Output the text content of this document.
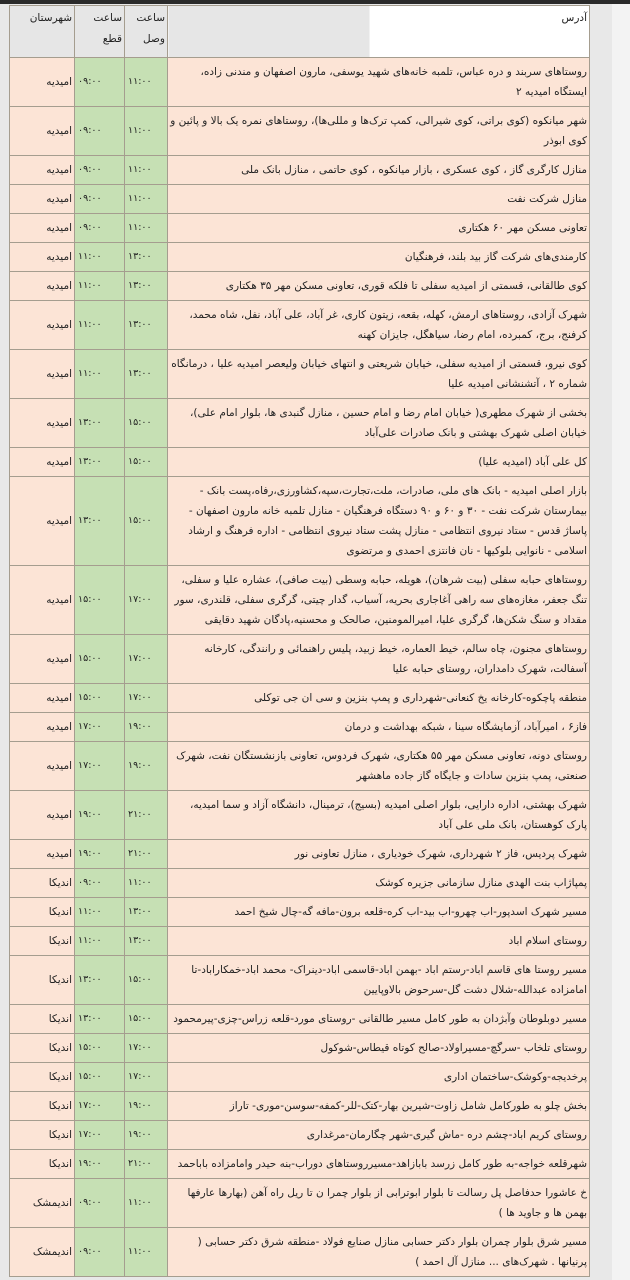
آدرس	ساعت وصل	ساعت قطع	شهرستان
روستاهای سربند و دره عباس، تلمبه خانه‌های شهید یوسفی، مارون اصفهان و مندنی زاده، ایستگاه امیدیه ۲	۱۱:۰۰	۰۹:۰۰	امیدیه
شهر میانکوه (کوی براتی، کوی شیرالی، کمپ ترک‌ها و مللی‌ها)، روستاهای نمره یک بالا و پائین و کوی ابوذر	۱۱:۰۰	۰۹:۰۰	امیدیه
منازل کارگری گاز ، کوی عسکری ، بازار میانکوه ، کوی حاتمی ، منازل بانک ملی	۱۱:۰۰	۰۹:۰۰	امیدیه
منازل شرکت نفت	۱۱:۰۰	۰۹:۰۰	امیدیه
تعاونی مسکن مهر ۶۰ هکتاری	۱۱:۰۰	۰۹:۰۰	امیدیه
کارمندی‌های شرکت گاز بید بلند، فرهنگیان	۱۳:۰۰	۱۱:۰۰	امیدیه
کوی طالقانی، قسمتی از امیدیه سفلی تا فلکه قوری، تعاونی مسکن مهر ۳۵ هکتاری	۱۳:۰۰	۱۱:۰۰	امیدیه
شهرک آزادی، روستاهای ارمش، کهله، بقعه، زیتون کاری، غر آباد، علی آباد، نفل، شاه محمد، کرفنج، برج، کمبرده، امام رضا، سیاهگل، جایزان کهنه	۱۳:۰۰	۱۱:۰۰	امیدیه
کوی نیرو، قسمتی از امیدیه سفلی، خیابان شریعتی و انتهای خیابان ولیعصر امیدیه علیا ، درمانگاه شماره ۲ ، آتشنشانی امیدیه علیا	۱۳:۰۰	۱۱:۰۰	امیدیه
بخشی از شهرک مطهری( خیابان امام رضا و امام حسین ، منازل گنبدی ها، بلوار امام علی)، خیابان اصلی شهرک بهشتی و بانک صادرات علی‌آباد	۱۵:۰۰	۱۳:۰۰	امیدیه
کل علی آباد (امیدیه علیا)	۱۵:۰۰	۱۳:۰۰	امیدیه
بازار اصلی امیدیه - بانک های ملی، صادرات، ملت،تجارت،سپه،کشاورزی،رفاه،پست بانک - بیمارستان شرکت نفت - ۳۰ و ۶۰ و ۹۰ دستگاه فرهنگیان - منازل تلمبه خانه مارون اصفهان - پاساژ قدس - ستاد نیروی انتظامی - منازل پشت ستاد نیروی انتظامی - اداره فرهنگ و ارشاد اسلامی - نانوایی بلوکیها - نان فانتزی احمدی و مرتضوی	۱۵:۰۰	۱۳:۰۰	امیدیه
روستاهای حبابه سفلی (بیت شرهان)، هویله، حبابه وسطی (بیت صافی)، عشاره علیا و سفلی، تنگ جعفر، مغازه‌های سه راهی آغاجاری بحریه، آسیاب، گدار چیتی، گرگری سفلی، قلندری، سور مقداد و سنگ شکن‌ها، گرگری علیا، امیرالمومنین، صالحک و محسنیه،پادگان شهید دقایقی	۱۷:۰۰	۱۵:۰۰	امیدیه
روستاهای مجنون، چاه سالم، خیط العماره، خیط زبید، پلیس راهنمائی و رانندگی، کارخانه آسفالت، شهرک دامداران، روستای حبابه علیا	۱۷:۰۰	۱۵:۰۰	امیدیه
منطقه پاچکوه-کارخانه یخ کنعانی-شهرداری و پمپ بنزین و سی ان جی توکلی	۱۷:۰۰	۱۵:۰۰	امیدیه
فاز۶ ، امیرآباد، آزمایشگاه سینا ، شبکه بهداشت و درمان	۱۹:۰۰	۱۷:۰۰	امیدیه
روستای دونه، تعاونی مسکن مهر ۵۵ هکتاری، شهرک فردوس، تعاونی بازنشستگان نفت، شهرک صنعتی، پمپ بنزین سادات و جایگاه گاز جاده ماهشهر	۱۹:۰۰	۱۷:۰۰	امیدیه
شهرک بهشتی، اداره دارایی، بلوار اصلی امیدیه (بسیج)، ترمینال، دانشگاه آزاد و سما امیدیه، پارک کوهستان، بانک ملی علی آباد	۲۱:۰۰	۱۹:۰۰	امیدیه
شهرک پردیس، فاز ۲ شهرداری، شهرک خودیاری ، منازل تعاونی نور	۲۱:۰۰	۱۹:۰۰	امیدیه
پمپاژاب بنت الهدی منازل سازمانی جزیره کوشک	۱۱:۰۰	۰۹:۰۰	اندیکا
مسیر شهرک اسدپور-اب چهرو-اب بید-اب کره-قلعه برون-مافه گه-چال شیخ احمد	۱۳:۰۰	۱۱:۰۰	اندیکا
روستای اسلام اباد	۱۳:۰۰	۱۱:۰۰	اندیکا
مسیر روستا های قاسم اباد-رستم اباد -بهمن اباد-قاسمی اباد-دینراک- محمد اباد-خمکاراباد-تا امامزاده عبدالله-شلال دشت گل-سرحوض بالاوپایین	۱۵:۰۰	۱۳:۰۰	اندیکا
مسیر دوبلوطان وآبژدان به طور کامل مسیر طالقانی -روستای مورد-قلعه زراس-چزی-پیرمحمود	۱۵:۰۰	۱۳:۰۰	اندیکا
روستای تلخاب -سرگچ-مسیراولاد-صالح کوتاه قیطاس-شوکول	۱۷:۰۰	۱۵:۰۰	اندیکا
پرخدیجه-وکوشک-ساختمان اداری	۱۷:۰۰	۱۵:۰۰	اندیکا
بخش چلو به طورکامل شامل زاوت-شیرین بهار-کتک-للر-کمفه-سوسن-موری- تاراز	۱۹:۰۰	۱۷:۰۰	اندیکا
روستای کریم اباد-چشم دره -ماش گیری-شهر چگارمان-مرغداری	۱۹:۰۰	۱۷:۰۰	اندیکا
شهرقلعه خواجه-به طور کامل زرسد بابازاهد-مسیرروستاهای دوراب-بنه حیدر وامامزاده باباحمد	۲۱:۰۰	۱۹:۰۰	اندیکا
خ عاشورا حدفاصل پل رسالت تا بلوار ابوترابی از بلوار چمرا ن تا ریل راه آهن (بهارها عارفها بهمن ها و جاوید ها )	۱۱:۰۰	۰۹:۰۰	اندیمشک
مسیر شرق بلوار چمران بلوار دکتر حسابی منازل صنایع فولاد -منطقه شرق دکتر حسابی ( پرنیانها . شهرک‌های ... منازل آل احمد )	۱۱:۰۰	۰۹:۰۰	اندیمشک
